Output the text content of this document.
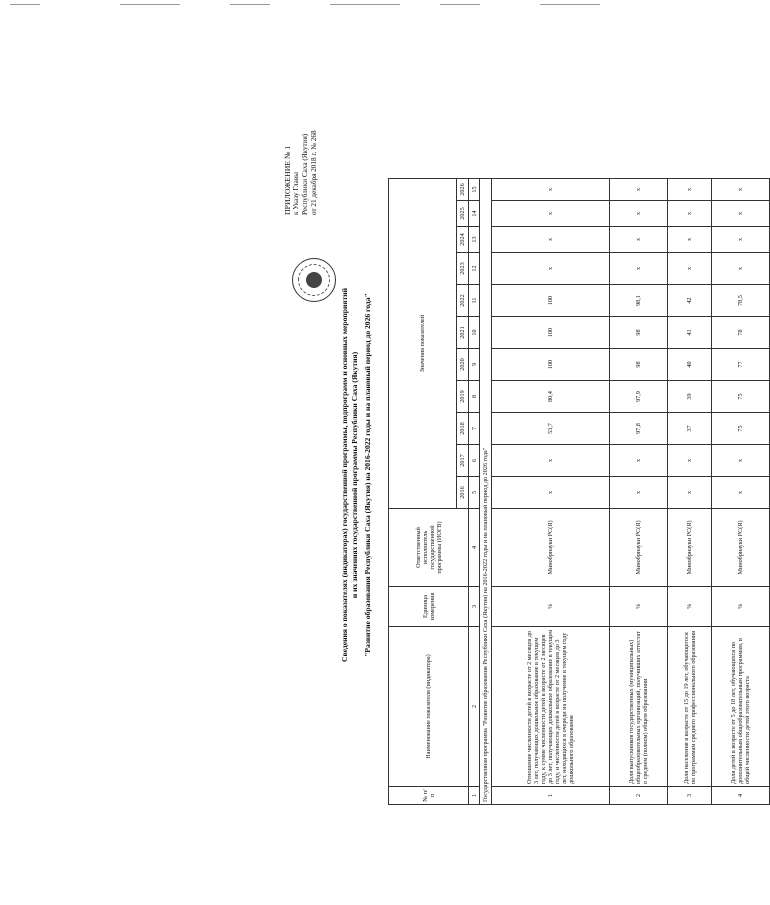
ПРИЛОЖЕНИЕ № 1 к Указу Главы Республики Саха (Якутия) от 21 декабря 2018 г. № 268
Сведения о показателях (индикаторах) государственной программы, подпрограмм и основных мероприятий и их значениях государственной программы Республики Саха (Якутия) "Развитие образования Республики Саха (Якутия) на 2016-2022 годы и на плановый период до 2026 года"
№ п/п	Наименование показателя (индикатора)	Единица измерения	Ответственный исполнитель государственной программы (ИОГВ)	Значения показателей										
				2016	2017	2018	2019	2020	2021	2022	2023	2024	2025	2026
1	2	3	4	5	6	7	8	9	10	11	12	13	14	15
Государственная программа "Развитие образования Республики Саха (Якутия) на 2016-2022 годы и на плановый период до 2026 года"														
1	Отношение численности детей в возрасте от 2 месяцев до 3 лет, получающих дошкольное образование в текущем году, к сумме численности детей в возрасте от 2 месяцев до 3 лет, получающих дошкольное образование в текущем году, и численности детей в возрасте от 2 месяцев до 3 лет, находящихся в очереди на получение в текущем году дошкольного образования	%	Минобрнауки РС(Я)	х	х	53,7	80,4	100	100	100	х	х	х	х
2	Доля выпускников государственных (муниципальных) общеобразовательных организаций, получивших аттестат о среднем (полном) общем образовании	%	Минобрнауки РС(Я)	х	х	97,8	97,9	98	98	98,1	х	х	х	х
3	Доля населения в возрасте от 15 до 19 лет, обучающегося по программам среднего профессионального образования	%	Минобрнауки РС(Я)	х	х	37	39	40	41	42	х	х	х	х
4	Доля детей в возрасте от 5 до 18 лет, обучающихся по дополнительным общеобразовательным программам, в общей численности детей этого возраста	%	Минобрнауки РС(Я)	х	х	75	75	77	78	78,5	х	х	х	х
